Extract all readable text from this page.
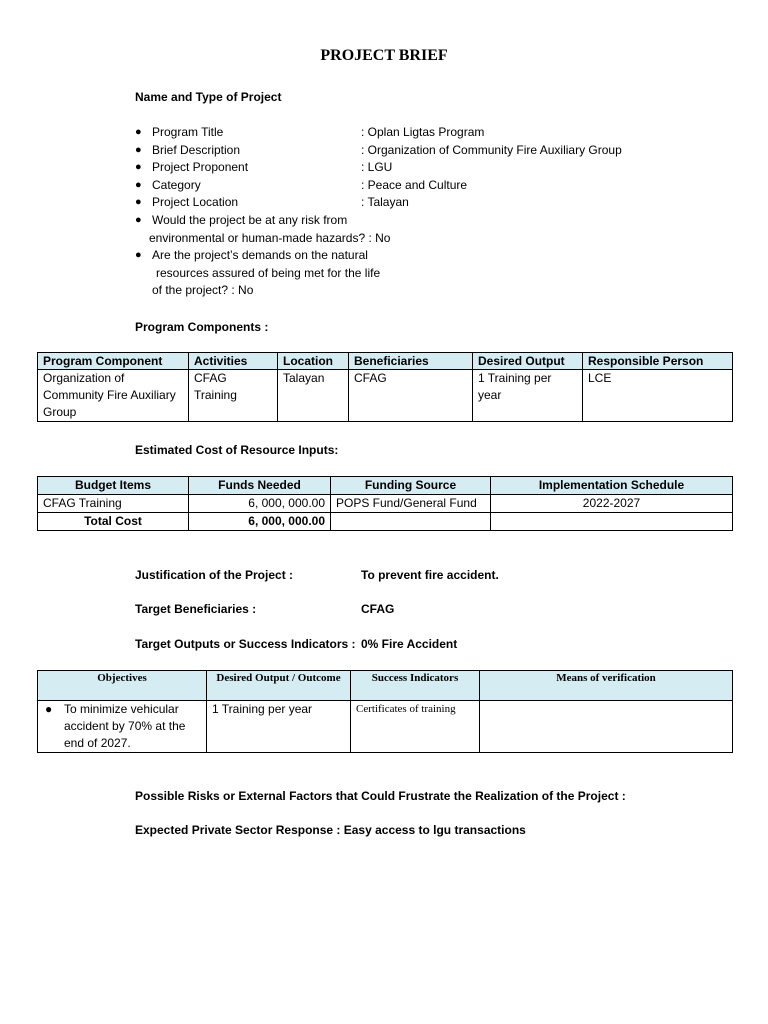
PROJECT BRIEF
Name and Type of Project
● Program Title	: Oplan Ligtas Program
● Brief Description	: Organization of Community Fire Auxiliary Group
● Project Proponent	: LGU
● Category	: Peace and Culture
● Project Location	: Talayan
● Would the project be at any risk from
environmental or human-made hazards? : No
● Are the project’s demands on the natural
resources assured of being met for the life
of the project? : No
Program Components :
Program Component	Activities	Location	Beneficiaries	Desired Output	Responsible Person
Organization of Community Fire Auxiliary Group	CFAG Training	Talayan	CFAG	1 Training per year	LCE
Estimated Cost of Resource Inputs:
Budget Items	Funds Needed	Funding Source	Implementation Schedule
CFAG Training	6, 000, 000.00	POPS Fund/General Fund	2022-2027
Total Cost	6, 000, 000.00		
Justification of the Project :	To prevent fire accident.
Target Beneficiaries :	CFAG
Target Outputs or Success Indicators : 0% Fire Accident
Objectives	Desired Output / Outcome	Success Indicators	Means of verification

● To minimize vehicular accident by 70% at the end of 2027.	1 Training per year	Certificates of training	
Possible Risks or External Factors that Could Frustrate the Realization of the Project :
Expected Private Sector Response : Easy access to lgu transactions
